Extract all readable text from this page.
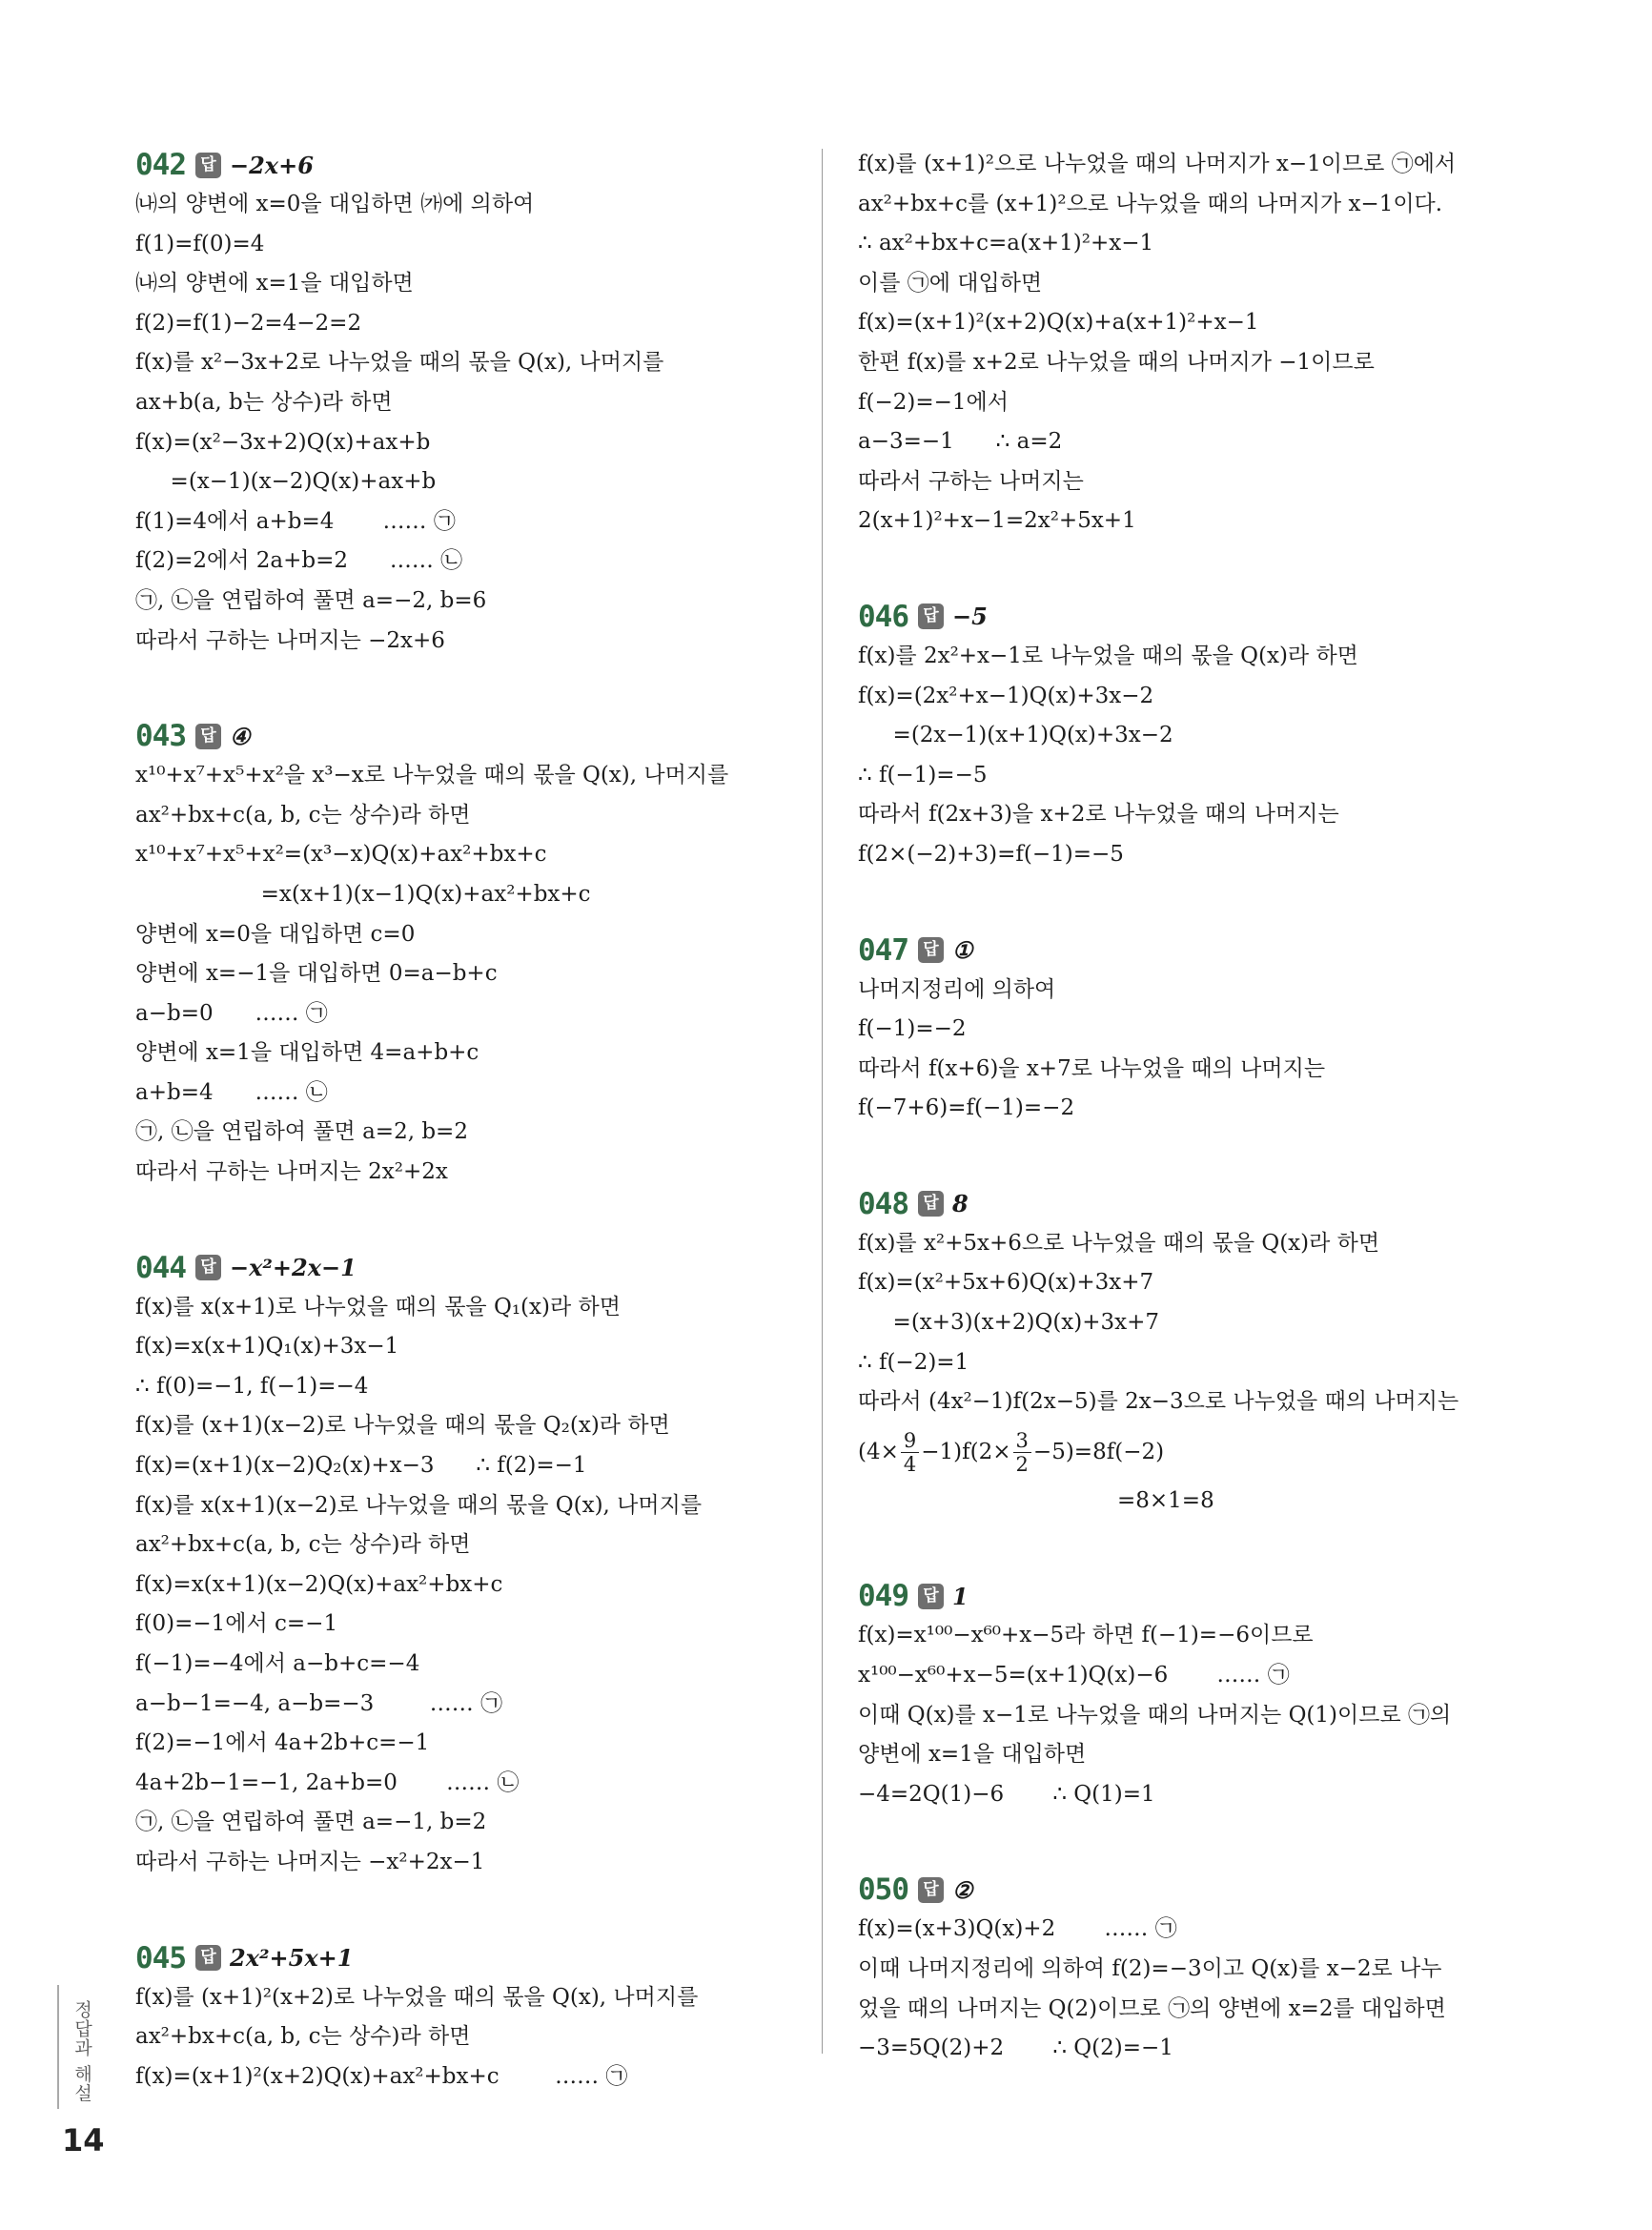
042 답 −2x+6
㈏의 양변에 x=0을 대입하면 ㈎에 의하여
f(1)=f(0)=4
㈏의 양변에 x=1을 대입하면
f(2)=f(1)−2=4−2=2
f(x)를 x²−3x+2로 나누었을 때의 몫을 Q(x), 나머지를
ax+b(a, b는 상수)라 하면
f(x)=(x²−3x+2)Q(x)+ax+b
=(x−1)(x−2)Q(x)+ax+b
f(1)=4에서 a+b=4       …… ㉠
f(2)=2에서 2a+b=2      …… ㉡
㉠, ㉡을 연립하여 풀면 a=−2, b=6
따라서 구하는 나머지는 −2x+6
043 답 ④
x¹⁰+x⁷+x⁵+x²을 x³−x로 나누었을 때의 몫을 Q(x), 나머지를
ax²+bx+c(a, b, c는 상수)라 하면
x¹⁰+x⁷+x⁵+x²=(x³−x)Q(x)+ax²+bx+c
=x(x+1)(x−1)Q(x)+ax²+bx+c
양변에 x=0을 대입하면 c=0
양변에 x=−1을 대입하면 0=a−b+c
a−b=0      …… ㉠
양변에 x=1을 대입하면 4=a+b+c
a+b=4      …… ㉡
㉠, ㉡을 연립하여 풀면 a=2, b=2
따라서 구하는 나머지는 2x²+2x
044 답 −x²+2x−1
f(x)를 x(x+1)로 나누었을 때의 몫을 Q₁(x)라 하면
f(x)=x(x+1)Q₁(x)+3x−1
∴ f(0)=−1, f(−1)=−4
f(x)를 (x+1)(x−2)로 나누었을 때의 몫을 Q₂(x)라 하면
f(x)=(x+1)(x−2)Q₂(x)+x−3      ∴ f(2)=−1
f(x)를 x(x+1)(x−2)로 나누었을 때의 몫을 Q(x), 나머지를
ax²+bx+c(a, b, c는 상수)라 하면
f(x)=x(x+1)(x−2)Q(x)+ax²+bx+c
f(0)=−1에서 c=−1
f(−1)=−4에서 a−b+c=−4
a−b−1=−4, a−b=−3        …… ㉠
f(2)=−1에서 4a+2b+c=−1
4a+2b−1=−1, 2a+b=0       …… ㉡
㉠, ㉡을 연립하여 풀면 a=−1, b=2
따라서 구하는 나머지는 −x²+2x−1
045 답 2x²+5x+1
f(x)를 (x+1)²(x+2)로 나누었을 때의 몫을 Q(x), 나머지를
ax²+bx+c(a, b, c는 상수)라 하면
f(x)=(x+1)²(x+2)Q(x)+ax²+bx+c        …… ㉠
f(x)를 (x+1)²으로 나누었을 때의 나머지가 x−1이므로 ㉠에서
ax²+bx+c를 (x+1)²으로 나누었을 때의 나머지가 x−1이다.
∴ ax²+bx+c=a(x+1)²+x−1
이를 ㉠에 대입하면
f(x)=(x+1)²(x+2)Q(x)+a(x+1)²+x−1
한편 f(x)를 x+2로 나누었을 때의 나머지가 −1이므로
f(−2)=−1에서
a−3=−1      ∴ a=2
따라서 구하는 나머지는
2(x+1)²+x−1=2x²+5x+1
046 답 −5
f(x)를 2x²+x−1로 나누었을 때의 몫을 Q(x)라 하면
f(x)=(2x²+x−1)Q(x)+3x−2
=(2x−1)(x+1)Q(x)+3x−2
∴ f(−1)=−5
따라서 f(2x+3)을 x+2로 나누었을 때의 나머지는
f(2×(−2)+3)=f(−1)=−5
047 답 ①
나머지정리에 의하여
f(−1)=−2
따라서 f(x+6)을 x+7로 나누었을 때의 나머지는
f(−7+6)=f(−1)=−2
048 답 8
f(x)를 x²+5x+6으로 나누었을 때의 몫을 Q(x)라 하면
f(x)=(x²+5x+6)Q(x)+3x+7
=(x+3)(x+2)Q(x)+3x+7
∴ f(−2)=1
따라서 (4x²−1)f(2x−5)를 2x−3으로 나누었을 때의 나머지는
$(4\times \frac{9}{4} -1)f(2\times \frac{3}{2} -5)=8f(-2)$
=8×1=8
049 답 1
f(x)=x¹⁰⁰−x⁶⁰+x−5라 하면 f(−1)=−6이므로
x¹⁰⁰−x⁶⁰+x−5=(x+1)Q(x)−6       …… ㉠
이때 Q(x)를 x−1로 나누었을 때의 나머지는 Q(1)이므로 ㉠의
양변에 x=1을 대입하면
−4=2Q(1)−6       ∴ Q(1)=1
050 답 ②
f(x)=(x+3)Q(x)+2       …… ㉠
이때 나머지정리에 의하여 f(2)=−3이고 Q(x)를 x−2로 나누
었을 때의 나머지는 Q(2)이므로 ㉠의 양변에 x=2를 대입하면
−3=5Q(2)+2       ∴ Q(2)=−1
정답과 해설
14
